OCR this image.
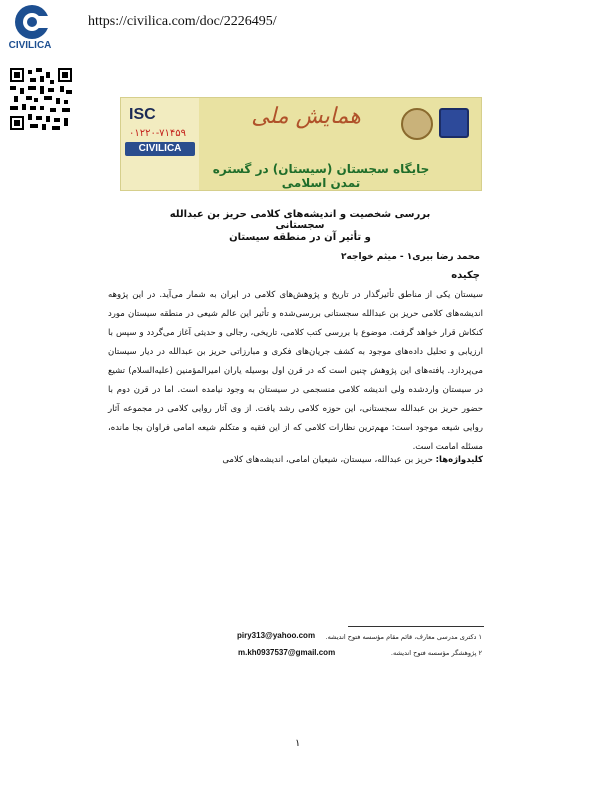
CIVILICA
https://civilica.com/doc/2226495/
ISC
۰۱۲۲۰-۷۱۴۵۹
CIVILICA
همایش ملی
جایگاه سجستان (سیستان) در گستره تمدن اسلامی
بررسی شخصیت و اندیشه‌های کلامی حریز بن عبدالله سجستانی
و تأثیر آن در منطقه سیستان
محمد رضا بیری۱ - میثم خواجه۲
چکیده
سیستان یکی از مناطق تأثیرگذار در تاریخ و پژوهش‌های کلامی در ایران به شمار می‌آید. در این پژوهه اندیشه‌های کلامی حریز بن عبدالله سجستانی بررسی‌شده و تأثیر این عالم شیعی در منطقه سیستان مورد کنکاش قرار خواهد گرفت. موضوع با بررسی کتب کلامی، تاریخی، رجالی و حدیثی آغاز می‌گردد و سپس با ارزیابی و تحلیل داده‌های موجود به کشف جریان‌های فکری و مبارزاتی حریز بن عبدالله در دیار سیستان می‌پردازد. یافته‌های این پژوهش چنین است که در قرن اول بوسیله یاران امیرالمؤمنین (علیه‌السلام) تشیع در سیستان واردشده ولی اندیشه کلامی منسجمی در سیستان به وجود نیامده است. اما در قرن دوم با حضور حریز بن عبدالله سجستانی، این حوزه کلامی رشد یافت. از وی آثار روایی کلامی در مجموعه آثار روایی شیعه موجود است: مهم‌ترین نظارات کلامی که از این فقیه و متکلم شیعه امامی فراوان بجا مانده، مسئله امامت است.
کلیدواژه‌ها: حریز بن عبدالله، سیستان، شیعیان امامی، اندیشه‌های کلامی
۱ دکتری مدرسی معارف، قائم مقام مؤسسه فتوح اندیشه.
piry313@yahoo.com
۲ پژوهشگر مؤسسه فتوح اندیشه.
m.kh0937537@gmail.com
۱
